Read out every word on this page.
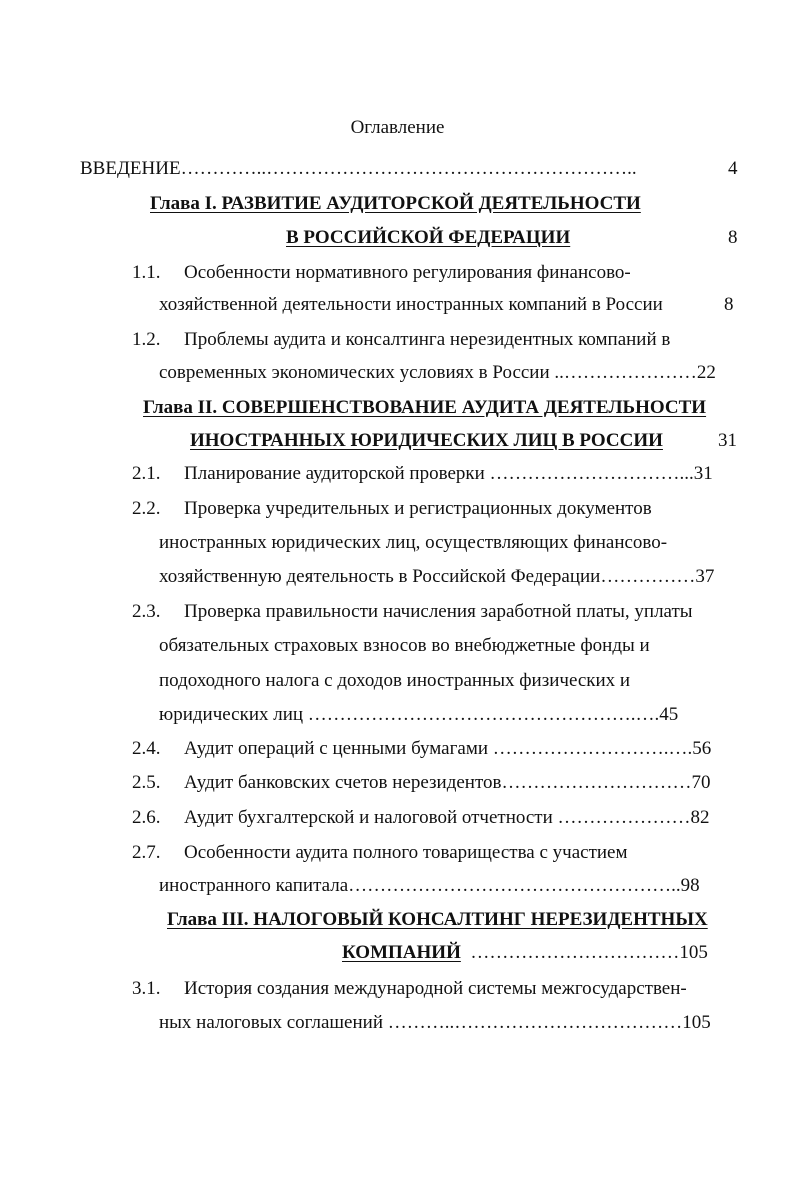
Оглавление
ВВЕДЕНИЕ…………..…………………………………………………..	4
Глава I. РАЗВИТИЕ АУДИТОРСКОЙ ДЕЯТЕЛЬНОСТИ
В РОССИЙСКОЙ ФЕДЕРАЦИИ	8
1.1. Особенности нормативного регулирования финансово-
хозяйственной деятельности иностранных компаний в России	8
1.2. Проблемы аудита и консалтинга нерезидентных компаний в
современных экономических условиях в России ..…………………22
Глава II. СОВЕРШЕНСТВОВАНИЕ АУДИТА ДЕЯТЕЛЬНОСТИ
ИНОСТРАННЫХ ЮРИДИЧЕСКИХ ЛИЦ В РОССИИ	31
2.1. Планирование аудиторской проверки …………………………...31
2.2. Проверка учредительных и регистрационных документов
иностранных юридических лиц, осуществляющих финансово-
хозяйственную деятельность в Российской Федерации……………37
2.3. Проверка правильности начисления заработной платы, уплаты
обязательных страховых взносов во внебюджетные фонды и
подоходного налога с доходов иностранных физических и
юридических лиц …………………………………………….….45
2.4. Аудит операций с ценными бумагами ……………………….….56
2.5. Аудит банковских счетов нерезидентов…………………………70
2.6. Аудит бухгалтерской и налоговой отчетности …………………82
2.7. Особенности аудита полного товарищества с участием
иностранного капитала……………………………………………..98
Глава III. НАЛОГОВЫЙ КОНСАЛТИНГ НЕРЕЗИДЕНТНЫХ
КОМПАНИЙ ……………………………105
3.1. История создания международной системы межгосударствен-
ных налоговых соглашений ………..………………………………105
